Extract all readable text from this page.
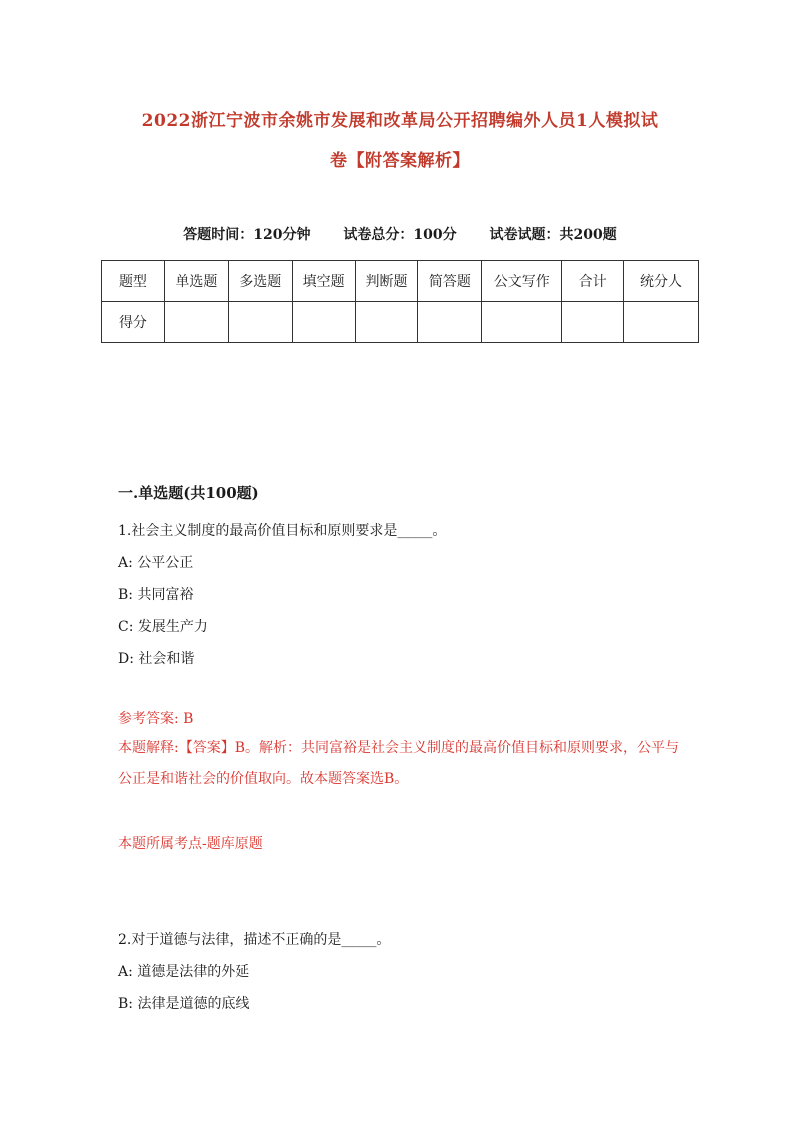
2022浙江宁波市余姚市发展和改革局公开招聘编外人员1人模拟试
卷【附答案解析】
答题时间：120分钟 试卷总分：100分 试卷试题：共200题
题型	单选题	多选题	填空题	判断题	简答题	公文写作	合计	统分人
得分								
一.单选题(共100题)
1.社会主义制度的最高价值目标和原则要求是_____。
A: 公平公正
B: 共同富裕
C: 发展生产力
D: 社会和谐
参考答案: B
本题解释:【答案】B。解析：共同富裕是社会主义制度的最高价值目标和原则要求，公平与公正是和谐社会的价值取向。故本题答案选B。
本题所属考点-题库原题
2.对于道德与法律，描述不正确的是_____。
A: 道德是法律的外延
B: 法律是道德的底线
